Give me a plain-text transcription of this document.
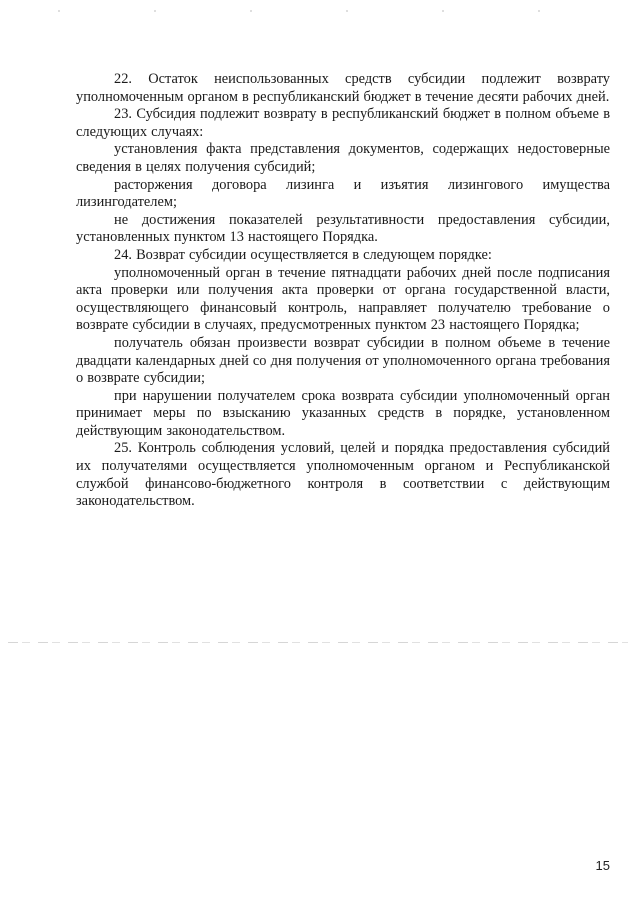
22. Остаток неиспользованных средств субсидии подлежит возврату уполномоченным органом в республиканский бюджет в течение десяти рабочих дней.

23. Субсидия подлежит возврату в республиканский бюджет в полном объеме в следующих случаях:

установления факта представления документов, содержащих недостоверные сведения в целях получения субсидий;

расторжения договора лизинга и изъятия лизингового имущества лизингодателем;

не достижения показателей результативности предоставления субсидии, установленных пунктом 13 настоящего Порядка.

24. Возврат субсидии осуществляется в следующем порядке:

уполномоченный орган в течение пятнадцати рабочих дней после подписания акта проверки или получения акта проверки от органа государственной власти, осуществляющего финансовый контроль, направляет получателю требование о возврате субсидии в случаях, предусмотренных пунктом 23 настоящего Порядка;

получатель обязан произвести возврат субсидии в полном объеме в течение двадцати календарных дней со дня получения от уполномоченного органа требования о возврате субсидии;

при нарушении получателем срока возврата субсидии уполномоченный орган принимает меры по взысканию указанных средств в порядке, установленном действующим законодательством.

25. Контроль соблюдения условий, целей и порядка предоставления субсидий их получателями осуществляется уполномоченным органом и Республиканской службой финансово-бюджетного контроля в соответствии с действующим законодательством.

15
